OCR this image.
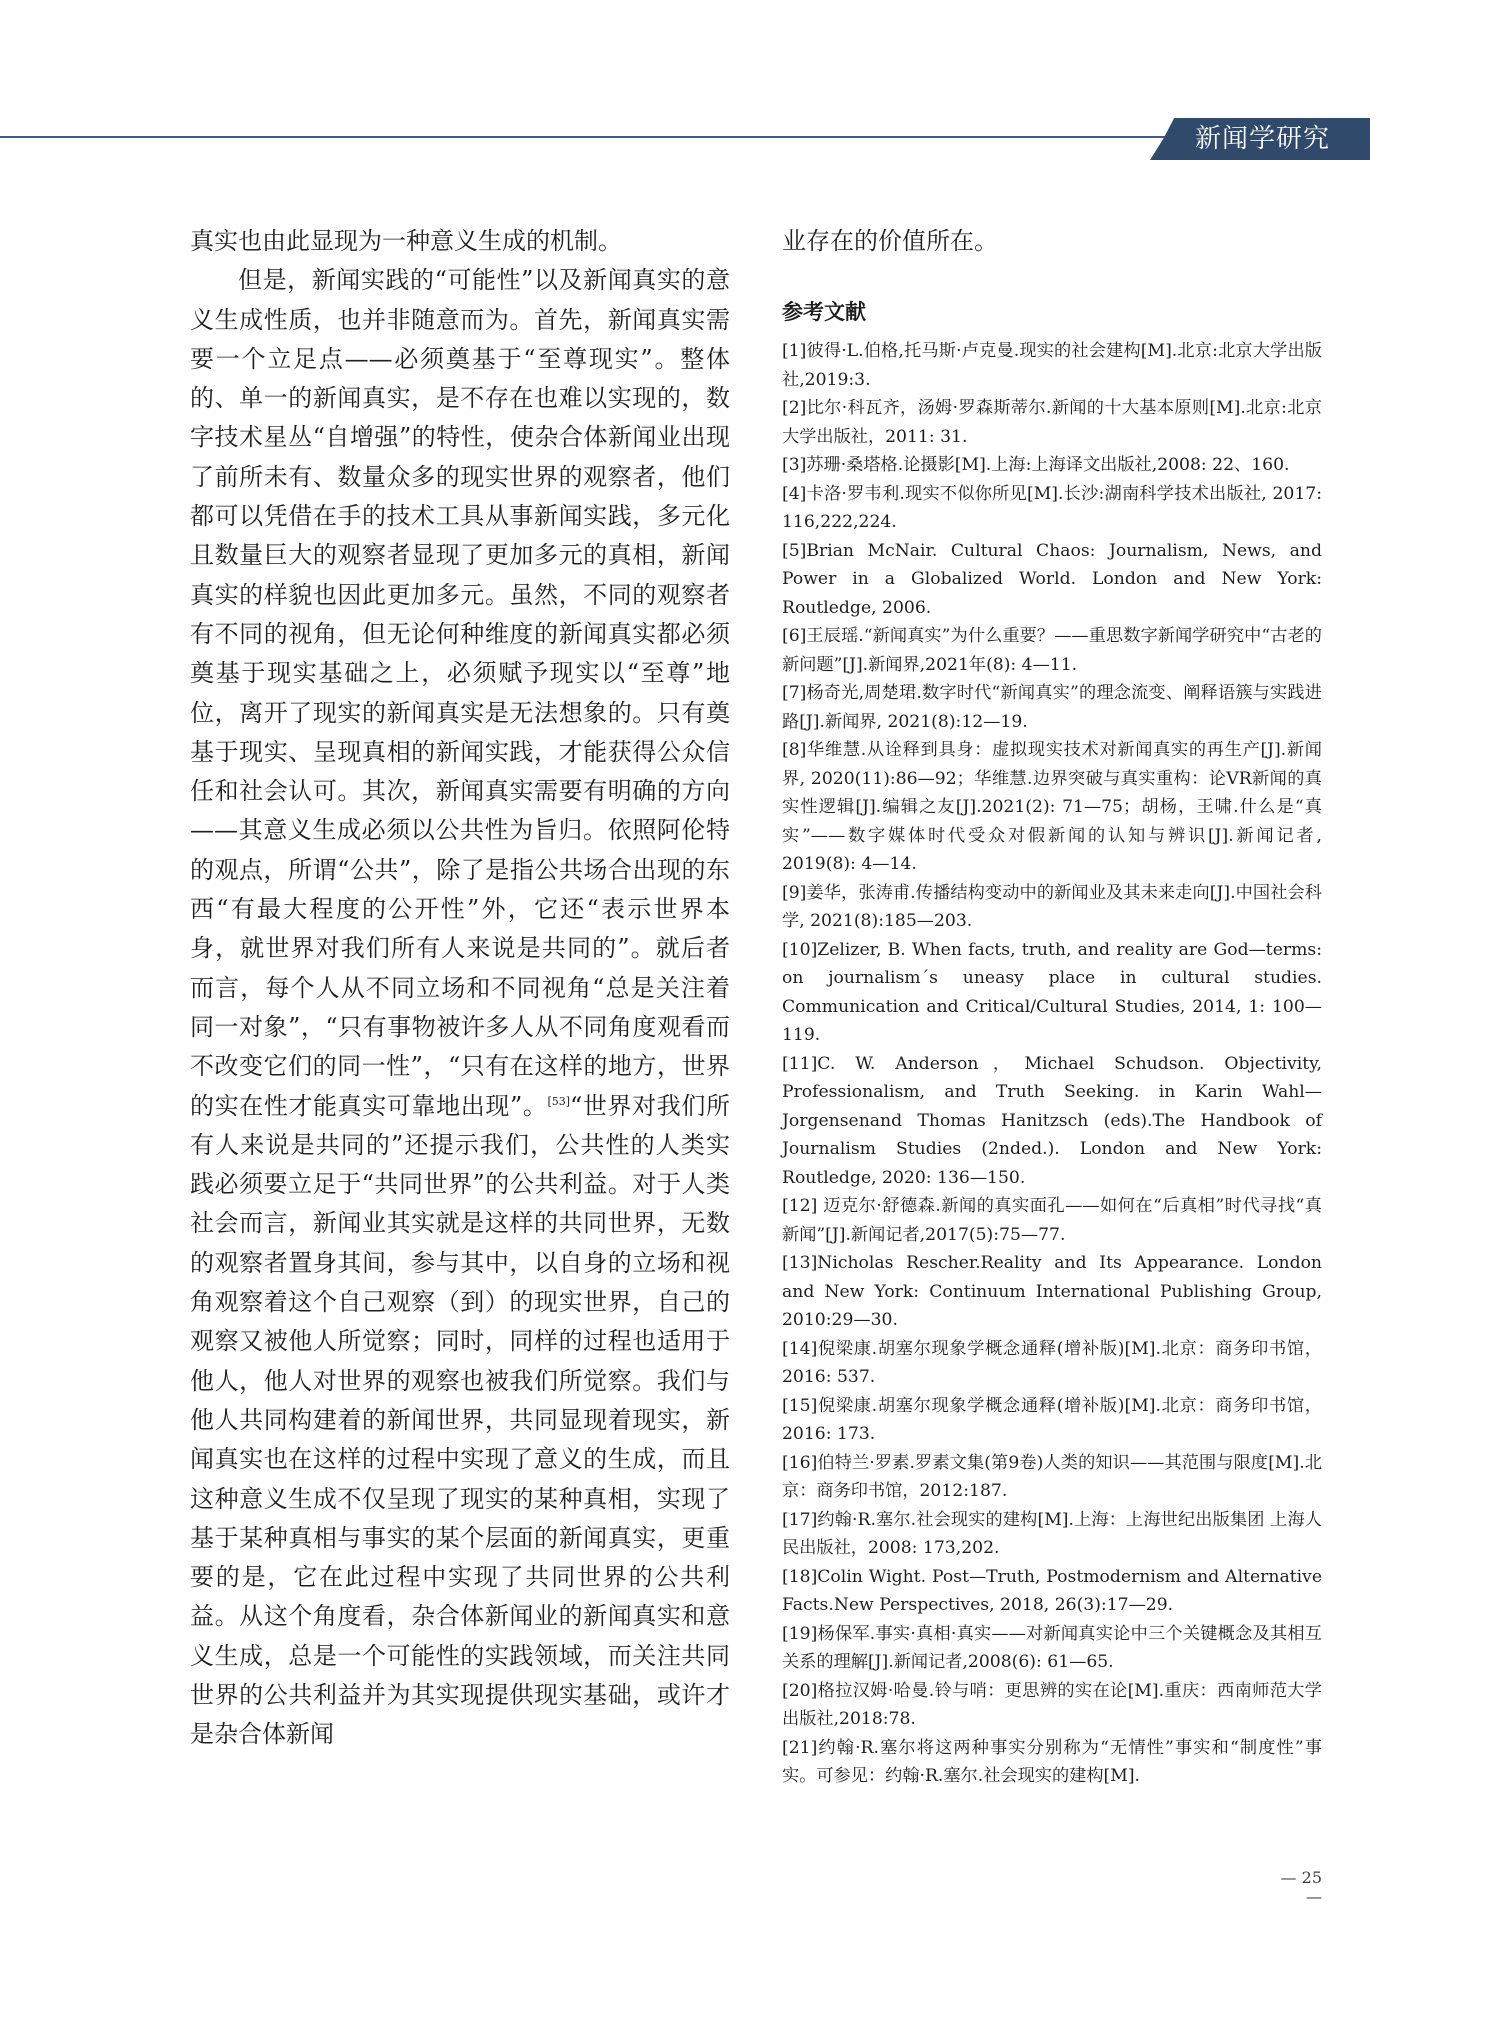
新闻学研究

真实也由此显现为一种意义生成的机制。

但是，新闻实践的“可能性”以及新闻真实的意义生成性质，也并非随意而为。首先，新闻真实需要一个立足点——必须奠基于“至尊现实”。整体的、单一的新闻真实，是不存在也难以实现的，数字技术星丛“自增强”的特性，使杂合体新闻业出现了前所未有、数量众多的现实世界的观察者，他们都可以凭借在手的技术工具从事新闻实践，多元化且数量巨大的观察者显现了更加多元的真相，新闻真实的样貌也因此更加多元。虽然，不同的观察者有不同的视角，但无论何种维度的新闻真实都必须奠基于现实基础之上，必须赋予现实以“至尊”地位，离开了现实的新闻真实是无法想象的。只有奠基于现实、呈现真相的新闻实践，才能获得公众信任和社会认可。其次，新闻真实需要有明确的方向——其意义生成必须以公共性为旨归。依照阿伦特的观点，所谓“公共”，除了是指公共场合出现的东西“有最大程度的公开性”外，它还“表示世界本身，就世界对我们所有人来说是共同的”。就后者而言，每个人从不同立场和不同视角“总是关注着同一对象”，“只有事物被许多人从不同角度观看而不改变它们的同一性”，“只有在这样的地方，世界的实在性才能真实可靠地出现”。[53]“世界对我们所有人来说是共同的”还提示我们，公共性的人类实践必须要立足于“共同世界”的公共利益。对于人类社会而言，新闻业其实就是这样的共同世界，无数的观察者置身其间，参与其中，以自身的立场和视角观察着这个自己观察（到）的现实世界，自己的观察又被他人所觉察；同时，同样的过程也适用于他人，他人对世界的观察也被我们所觉察。我们与他人共同构建着的新闻世界，共同显现着现实，新闻真实也在这样的过程中实现了意义的生成，而且这种意义生成不仅呈现了现实的某种真相，实现了基于某种真相与事实的某个层面的新闻真实，更重要的是，它在此过程中实现了共同世界的公共利益。从这个角度看，杂合体新闻业的新闻真实和意义生成，总是一个可能性的实践领域，而关注共同世界的公共利益并为其实现提供现实基础，或许才是杂合体新闻

业存在的价值所在。

参考文献
[1]彼得·L.伯格,托马斯·卢克曼.现实的社会建构[M].北京:北京大学出版社,2019:3.
[2]比尔·科瓦齐，汤姆·罗森斯蒂尔.新闻的十大基本原则[M].北京:北京大学出版社，2011: 31.
[3]苏珊·桑塔格.论摄影[M].上海:上海译文出版社,2008: 22、160.
[4]卡洛·罗韦利.现实不似你所见[M].长沙:湖南科学技术出版社, 2017: 116,222,224.
[5]Brian McNair. Cultural Chaos: Journalism, News, and Power in a Globalized World. London and New York: Routledge, 2006.
[6]王辰瑶.“新闻真实”为什么重要？——重思数字新闻学研究中“古老的新问题”[J].新闻界,2021年(8): 4—11.
[7]杨奇光,周楚珺.数字时代“新闻真实”的理念流变、阐释语簇与实践进路[J].新闻界, 2021(8):12—19.
[8]华维慧.从诠释到具身：虚拟现实技术对新闻真实的再生产[J].新闻界, 2020(11):86—92；华维慧.边界突破与真实重构：论VR新闻的真实性逻辑[J].编辑之友[J].2021(2): 71—75；胡杨，王啸.什么是“真实”——数字媒体时代受众对假新闻的认知与辨识[J].新闻记者, 2019(8): 4—14.
[9]姜华，张涛甫.传播结构变动中的新闻业及其未来走向[J].中国社会科学, 2021(8):185—203.
[10]Zelizer, B. When facts, truth, and reality are God—terms: on journalism´s uneasy place in cultural studies. Communication and Critical/Cultural Studies, 2014, 1: 100—119.
[11]C. W. Anderson，Michael Schudson. Objectivity, Professionalism, and Truth Seeking. in Karin Wahl—Jorgensenand Thomas Hanitzsch (eds).The Handbook of Journalism Studies (2nded.). London and New York: Routledge, 2020: 136—150.
[12] 迈克尔·舒德森.新闻的真实面孔——如何在“后真相”时代寻找“真新闻”[J].新闻记者,2017(5):75—77.
[13]Nicholas Rescher.Reality and Its Appearance. London and New York: Continuum International Publishing Group, 2010:29—30.
[14]倪梁康.胡塞尔现象学概念通释(增补版)[M].北京：商务印书馆，2016: 537.
[15]倪梁康.胡塞尔现象学概念通释(增补版)[M].北京：商务印书馆，2016: 173.
[16]伯特兰·罗素.罗素文集(第9卷)人类的知识——其范围与限度[M].北京：商务印书馆，2012:187.
[17]约翰·R.塞尔.社会现实的建构[M].上海：上海世纪出版集团 上海人民出版社，2008: 173,202.
[18]Colin Wight. Post—Truth, Postmodernism and Alternative Facts.New Perspectives, 2018, 26(3):17—29.
[19]杨保军.事实·真相·真实——对新闻真实论中三个关键概念及其相互关系的理解[J].新闻记者,2008(6): 61—65.
[20]格拉汉姆·哈曼.铃与哨：更思辨的实在论[M].重庆：西南师范大学出版社,2018:78.
[21]约翰·R.塞尔将这两种事实分别称为“无情性”事实和“制度性”事实。可参见：约翰·R.塞尔.社会现实的建构[M].
— 25 —
